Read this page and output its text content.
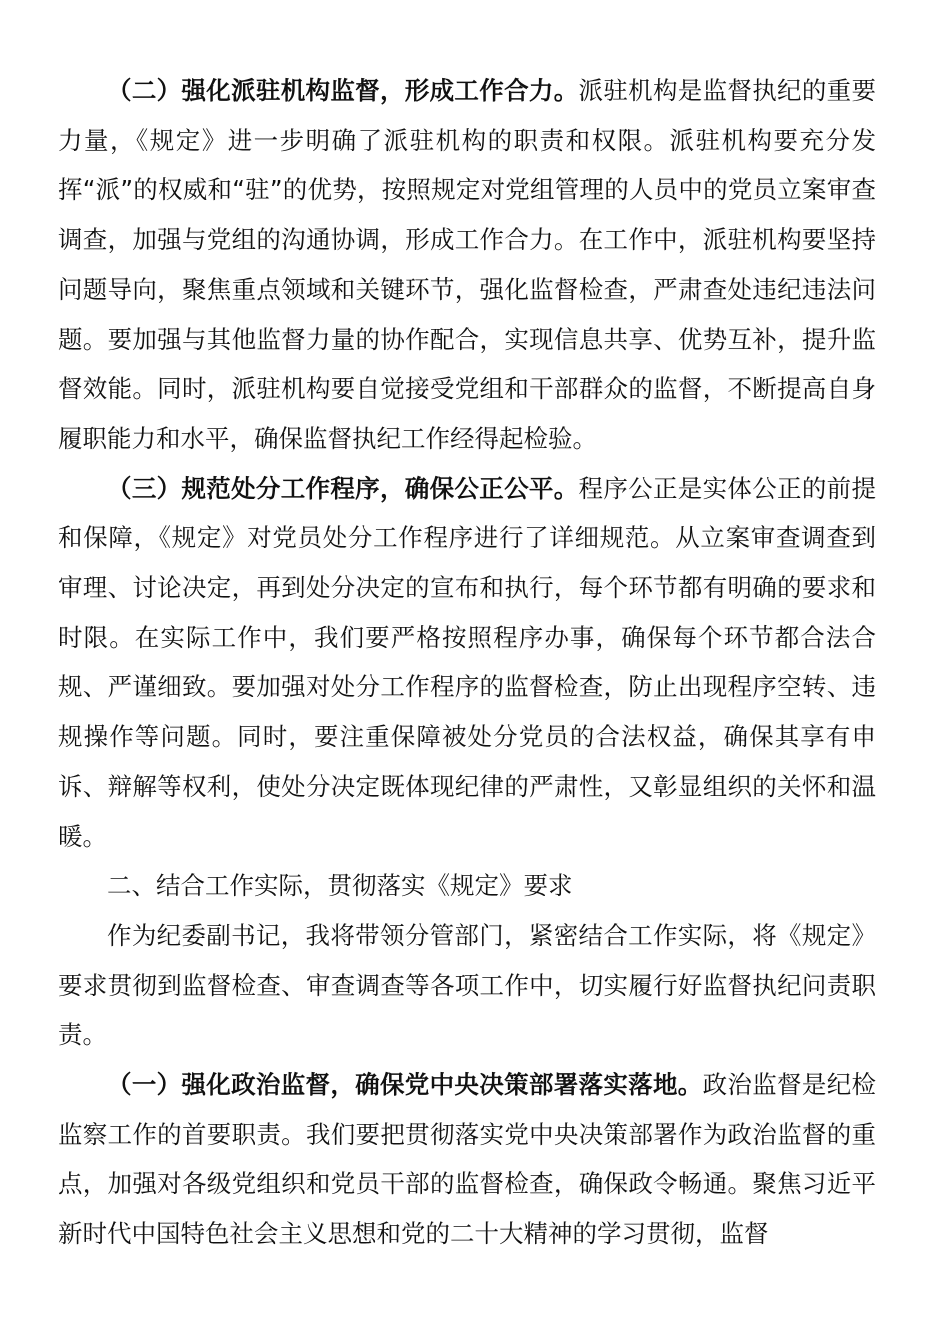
（二）强化派驻机构监督，形成工作合力。派驻机构是监督执纪的重要力量，《规定》进一步明确了派驻机构的职责和权限。派驻机构要充分发挥“派”的权威和“驻”的优势，按照规定对党组管理的人员中的党员立案审查调查，加强与党组的沟通协调，形成工作合力。在工作中，派驻机构要坚持问题导向，聚焦重点领域和关键环节，强化监督检查，严肃查处违纪违法问题。要加强与其他监督力量的协作配合，实现信息共享、优势互补，提升监督效能。同时，派驻机构要自觉接受党组和干部群众的监督，不断提高自身履职能力和水平，确保监督执纪工作经得起检验。

（三）规范处分工作程序，确保公正公平。程序公正是实体公正的前提和保障，《规定》对党员处分工作程序进行了详细规范。从立案审查调查到审理、讨论决定，再到处分决定的宣布和执行，每个环节都有明确的要求和时限。在实际工作中，我们要严格按照程序办事，确保每个环节都合法合规、严谨细致。要加强对处分工作程序的监督检查，防止出现程序空转、违规操作等问题。同时，要注重保障被处分党员的合法权益，确保其享有申诉、辩解等权利，使处分决定既体现纪律的严肃性，又彰显组织的关怀和温暖。

二、结合工作实际，贯彻落实《规定》要求

作为纪委副书记，我将带领分管部门，紧密结合工作实际，将《规定》要求贯彻到监督检查、审查调查等各项工作中，切实履行好监督执纪问责职责。

（一）强化政治监督，确保党中央决策部署落实落地。政治监督是纪检监察工作的首要职责。我们要把贯彻落实党中央决策部署作为政治监督的重点，加强对各级党组织和党员干部的监督检查，确保政令畅通。聚焦习近平新时代中国特色社会主义思想和党的二十大精神的学习贯彻，监督
